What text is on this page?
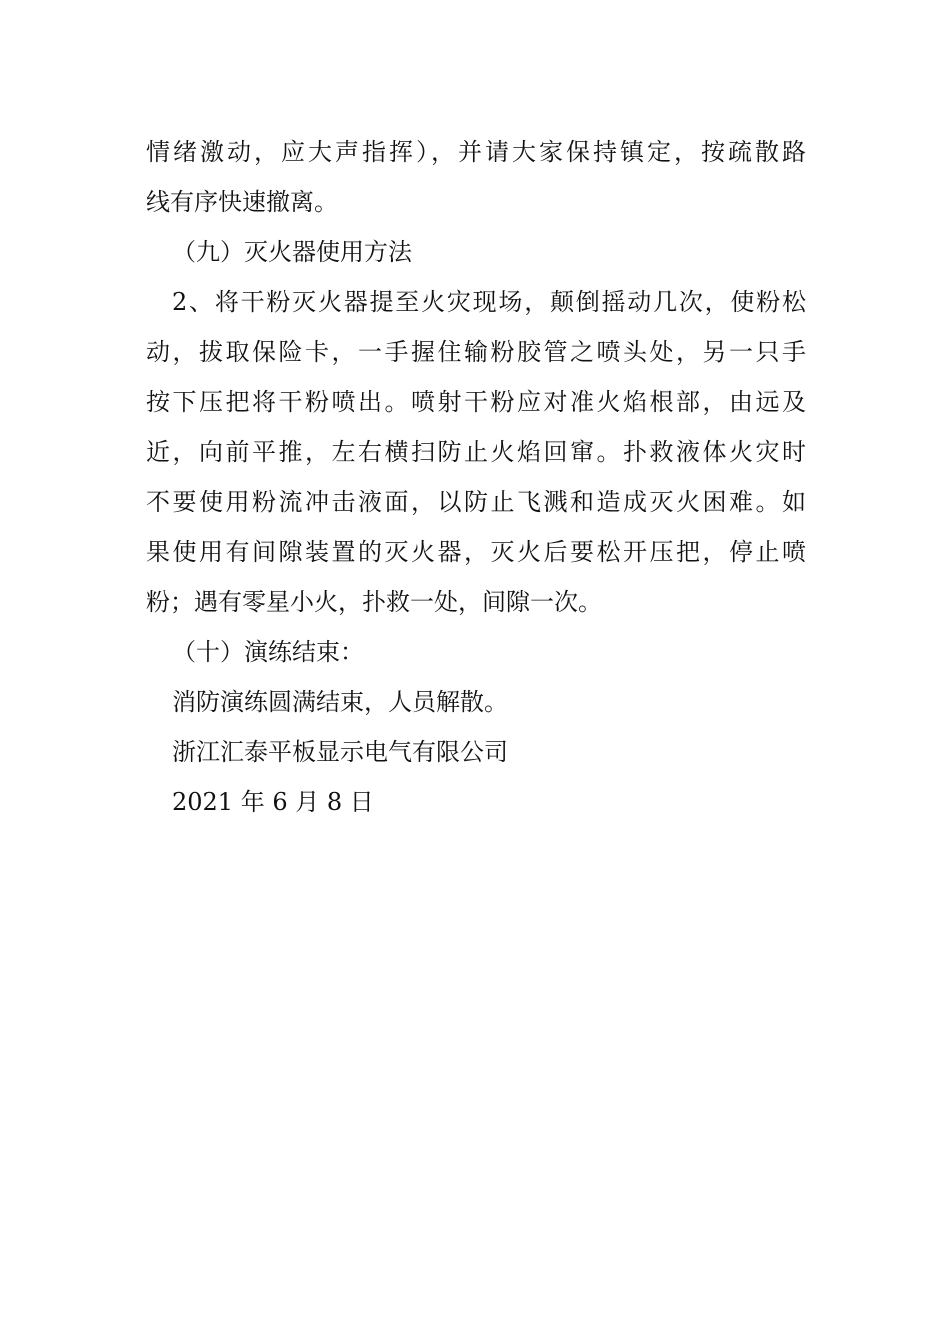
情绪激动，应大声指挥），并请大家保持镇定，按疏散路
线有序快速撤离。
（九）灭火器使用方法
2、将干粉灭火器提至火灾现场，颠倒摇动几次，使粉松
动，拔取保险卡，一手握住输粉胶管之喷头处，另一只手
按下压把将干粉喷出。喷射干粉应对准火焰根部，由远及
近，向前平推，左右横扫防止火焰回窜。扑救液体火灾时
不要使用粉流冲击液面，以防止飞溅和造成灭火困难。如
果使用有间隙装置的灭火器，灭火后要松开压把，停止喷
粉；遇有零星小火，扑救一处，间隙一次。
（十）演练结束：
消防演练圆满结束，人员解散。
浙江汇泰平板显示电气有限公司
2021 年 6 月 8 日
